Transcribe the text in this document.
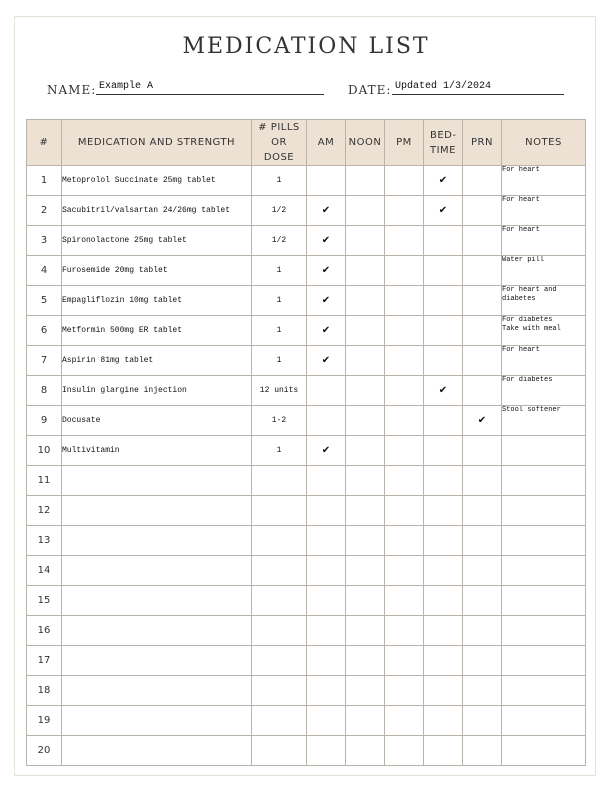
MEDICATION LIST
NAME: Example A	DATE: Updated 1/3/2024
#	MEDICATION AND STRENGTH	# PILLS OR DOSE	AM	NOON	PM	BED-TIME	PRN	NOTES
1	Metoprolol Succinate 25mg tablet	1				✔		For heart
2	Sacubitril/valsartan 24/26mg tablet	1/2	✔			✔		For heart
3	Spironolactone 25mg tablet	1/2	✔					For heart
4	Furosemide 20mg tablet	1	✔					Water pill
5	Empagliflozin 10mg tablet	1	✔					For heart and
diabetes
6	Metformin 500mg ER tablet	1	✔					For diabetes
Take with meal
7	Aspirin 81mg tablet	1	✔					For heart
8	Insulin glargine injection	12 units				✔		For diabetes
9	Docusate	1-2					✔	Stool softener
10	Multivitamin	1	✔					
11								
12								
13								
14								
15								
16								
17								
18								
19								
20								
